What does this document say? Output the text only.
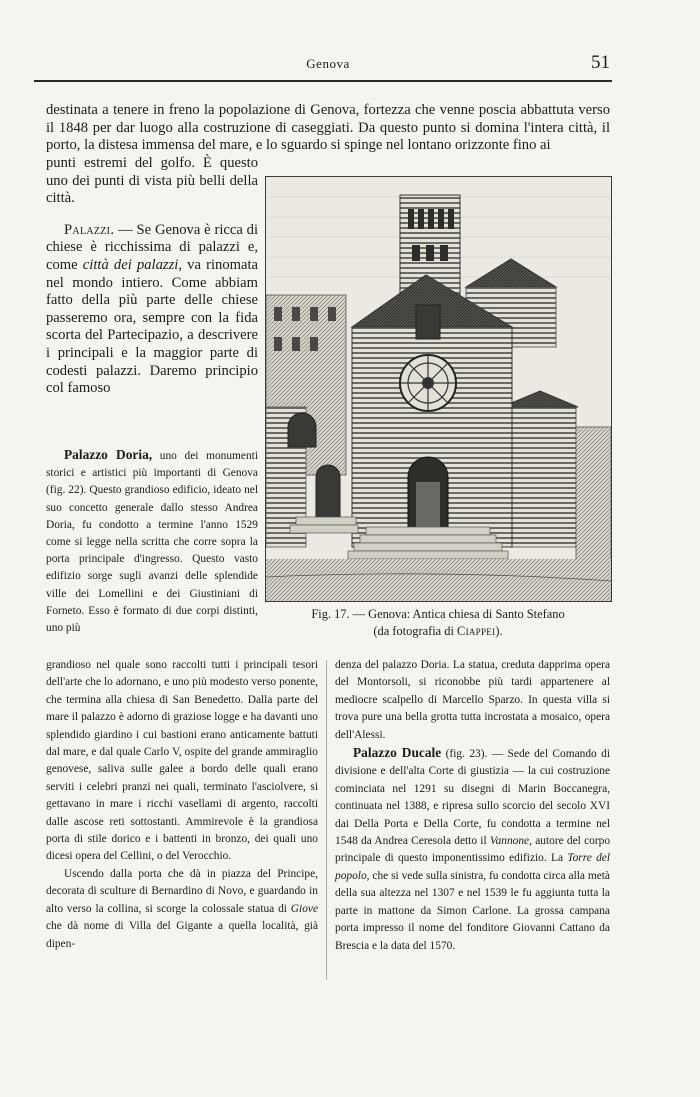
Genova	51

destinata a tenere in freno la popolazione di Genova, fortezza che venne poscia abbattuta verso il 1848 per dar luogo alla costruzione di caseggiati. Da questo punto si domina l'intera città, il porto, la distesa immensa del mare, e lo sguardo si spinge nel lontano orizzonte fino ai

punti estremi del golfo. È questo uno dei punti di vista più belli della città.

Palazzi. — Se Genova è ricca di chiese è ricchissima di palazzi e, come città dei palazzi, va rinomata nel mondo intiero. Come abbiam fatto della più parte delle chiese passeremo ora, sempre con la fida scorta del Partecipazio, a descrivere i principali e la maggior parte di codesti palazzi. Daremo principio col famoso

Palazzo Doria, uno dei monumenti storici e artistici più importanti di Genova (fig. 22). Questo grandioso edificio, ideato nel suo concetto generale dallo stesso Andrea Doria, fu condotto a termine l'anno 1529 come si legge nella scritta che corre sopra la porta principale d'ingresso. Questo vasto edifizio sorge sugli avanzi delle splendide ville dei Lomellini e dei Giustiniani di Forneto. Esso è formato di due corpi distinti, uno più

Fig. 17. — Genova: Antica chiesa di Santo Stefano

(da fotografia di Ciappei).

grandioso nel quale sono raccolti tutti i principali tesori dell'arte che lo adornano, e uno più modesto verso ponente, che termina alla chiesa di San Benedetto. Dalla parte del mare il palazzo è adorno di graziose logge e ha davanti uno splendido giardino i cui bastioni erano anticamente battuti dal mare, e dal quale Carlo V, ospite del grande ammiraglio genovese, saliva sulle galee a bordo delle quali erano serviti i celebri pranzi nei quali, terminato l'asciolvere, si gettavano in mare i ricchi vasellami di argento, raccolti dalle ascose reti sottostanti. Ammirevole è la grandiosa porta di stile dorico e i battenti in bronzo, dei quali uno dicesi opera del Cellini, o del Verocchio.

Uscendo dalla porta che dà in piazza del Principe, decorata di sculture di Bernardino di Novo, e guardando in alto verso la collina, si scorge la colossale statua di Giove che dà nome di Villa del Gigante a quella località, già dipen-

denza del palazzo Doria. La statua, creduta dapprima opera del Montorsoli, si riconobbe più tardi appartenere al mediocre scalpello di Marcello Sparzo. In questa villa si trova pure una bella grotta tutta incrostata a mosaico, opera dell'Alessi.

Palazzo Ducale (fig. 23). — Sede del Comando di divisione e dell'alta Corte di giustizia — la cui costruzione cominciata nel 1291 su disegni di Marin Boccanegra, continuata nel 1388, e ripresa sullo scorcio del secolo XVI dai Della Porta e Della Corte, fu condotta a termine nel 1548 da Andrea Ceresola detto il Vannone, autore del corpo principale di questo imponentissimo edifizio. La Torre del popolo, che si vede sulla sinistra, fu condotta circa alla metà della sua altezza nel 1307 e nel 1539 le fu aggiunta tutta la parte in mattone da Simon Carlone. La grossa campana porta impresso il nome del fonditore Giovanni Cattano da Brescia e la data del 1570.
